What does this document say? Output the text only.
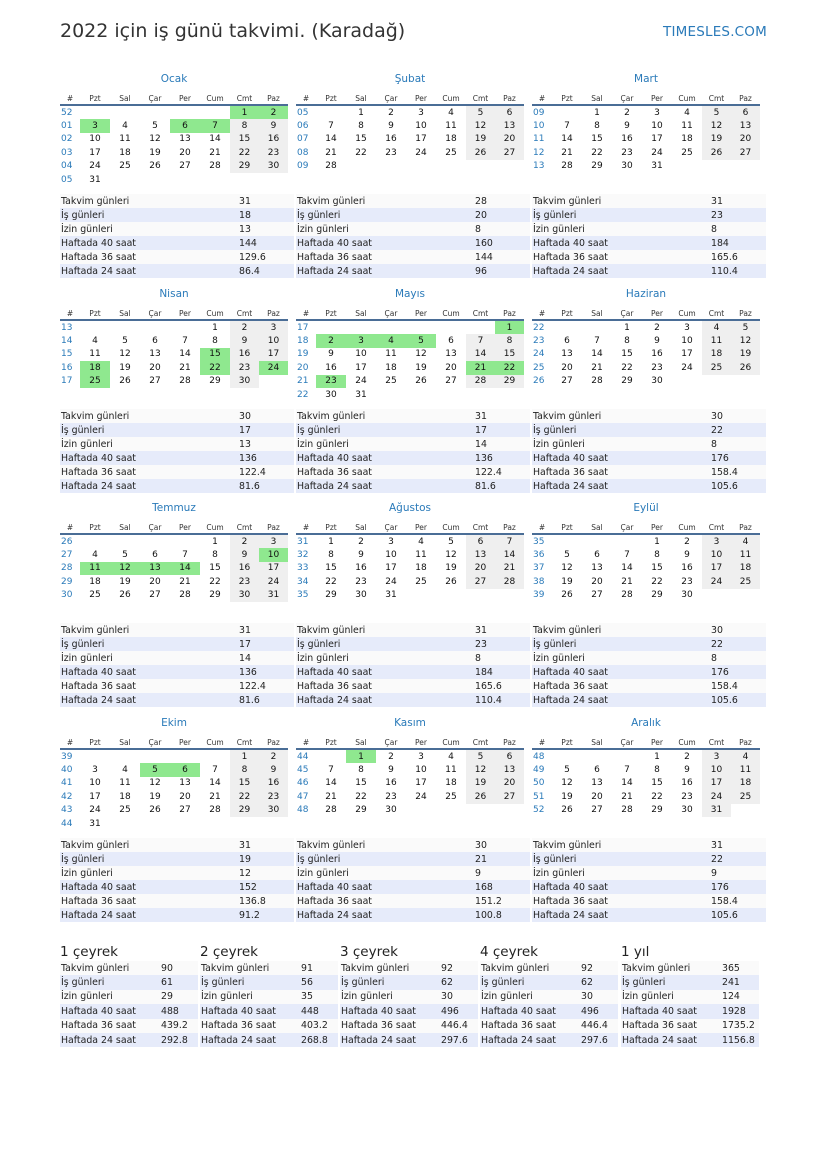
2022 için iş günü takvimi. (Karadağ)	TIMESLES.COM
Ocak
#	Pzt	Sal	Çar	Per	Cum	Cmt	Paz
52						1	2
01	3	4	5	6	7	8	9
02	10	11	12	13	14	15	16
03	17	18	19	20	21	22	23
04	24	25	26	27	28	29	30
05	31						
Takvim günleri	31
İş günleri	18
İzin günleri	13
Haftada 40 saat	144
Haftada 36 saat	129.6
Haftada 24 saat	86.4
Şubat
#	Pzt	Sal	Çar	Per	Cum	Cmt	Paz
05		1	2	3	4	5	6
06	7	8	9	10	11	12	13
07	14	15	16	17	18	19	20
08	21	22	23	24	25	26	27
09	28						
Takvim günleri	28
İş günleri	20
İzin günleri	8
Haftada 40 saat	160
Haftada 36 saat	144
Haftada 24 saat	96
Mart
#	Pzt	Sal	Çar	Per	Cum	Cmt	Paz
09		1	2	3	4	5	6
10	7	8	9	10	11	12	13
11	14	15	16	17	18	19	20
12	21	22	23	24	25	26	27
13	28	29	30	31			
Takvim günleri	31
İş günleri	23
İzin günleri	8
Haftada 40 saat	184
Haftada 36 saat	165.6
Haftada 24 saat	110.4
Nisan
#	Pzt	Sal	Çar	Per	Cum	Cmt	Paz
13					1	2	3
14	4	5	6	7	8	9	10
15	11	12	13	14	15	16	17
16	18	19	20	21	22	23	24
17	25	26	27	28	29	30	
Takvim günleri	30
İş günleri	17
İzin günleri	13
Haftada 40 saat	136
Haftada 36 saat	122.4
Haftada 24 saat	81.6
Mayıs
#	Pzt	Sal	Çar	Per	Cum	Cmt	Paz
17							1
18	2	3	4	5	6	7	8
19	9	10	11	12	13	14	15
20	16	17	18	19	20	21	22
21	23	24	25	26	27	28	29
22	30	31					
Takvim günleri	31
İş günleri	17
İzin günleri	14
Haftada 40 saat	136
Haftada 36 saat	122.4
Haftada 24 saat	81.6
Haziran
#	Pzt	Sal	Çar	Per	Cum	Cmt	Paz
22			1	2	3	4	5
23	6	7	8	9	10	11	12
24	13	14	15	16	17	18	19
25	20	21	22	23	24	25	26
26	27	28	29	30			
Takvim günleri	30
İş günleri	22
İzin günleri	8
Haftada 40 saat	176
Haftada 36 saat	158.4
Haftada 24 saat	105.6
Temmuz
#	Pzt	Sal	Çar	Per	Cum	Cmt	Paz
26					1	2	3
27	4	5	6	7	8	9	10
28	11	12	13	14	15	16	17
29	18	19	20	21	22	23	24
30	25	26	27	28	29	30	31
Takvim günleri	31
İş günleri	17
İzin günleri	14
Haftada 40 saat	136
Haftada 36 saat	122.4
Haftada 24 saat	81.6
Ağustos
#	Pzt	Sal	Çar	Per	Cum	Cmt	Paz
31	1	2	3	4	5	6	7
32	8	9	10	11	12	13	14
33	15	16	17	18	19	20	21
34	22	23	24	25	26	27	28
35	29	30	31				
Takvim günleri	31
İş günleri	23
İzin günleri	8
Haftada 40 saat	184
Haftada 36 saat	165.6
Haftada 24 saat	110.4
Eylül
#	Pzt	Sal	Çar	Per	Cum	Cmt	Paz
35				1	2	3	4
36	5	6	7	8	9	10	11
37	12	13	14	15	16	17	18
38	19	20	21	22	23	24	25
39	26	27	28	29	30		
Takvim günleri	30
İş günleri	22
İzin günleri	8
Haftada 40 saat	176
Haftada 36 saat	158.4
Haftada 24 saat	105.6
Ekim
#	Pzt	Sal	Çar	Per	Cum	Cmt	Paz
39						1	2
40	3	4	5	6	7	8	9
41	10	11	12	13	14	15	16
42	17	18	19	20	21	22	23
43	24	25	26	27	28	29	30
44	31						
Takvim günleri	31
İş günleri	19
İzin günleri	12
Haftada 40 saat	152
Haftada 36 saat	136.8
Haftada 24 saat	91.2
Kasım
#	Pzt	Sal	Çar	Per	Cum	Cmt	Paz
44		1	2	3	4	5	6
45	7	8	9	10	11	12	13
46	14	15	16	17	18	19	20
47	21	22	23	24	25	26	27
48	28	29	30				
Takvim günleri	30
İş günleri	21
İzin günleri	9
Haftada 40 saat	168
Haftada 36 saat	151.2
Haftada 24 saat	100.8
Aralık
#	Pzt	Sal	Çar	Per	Cum	Cmt	Paz
48				1	2	3	4
49	5	6	7	8	9	10	11
50	12	13	14	15	16	17	18
51	19	20	21	22	23	24	25
52	26	27	28	29	30	31	
Takvim günleri	31
İş günleri	22
İzin günleri	9
Haftada 40 saat	176
Haftada 36 saat	158.4
Haftada 24 saat	105.6
1 çeyrek
Takvim günleri	90
İş günleri	61
İzin günleri	29
Haftada 40 saat	488
Haftada 36 saat	439.2
Haftada 24 saat	292.8
2 çeyrek
Takvim günleri	91
İş günleri	56
İzin günleri	35
Haftada 40 saat	448
Haftada 36 saat	403.2
Haftada 24 saat	268.8
3 çeyrek
Takvim günleri	92
İş günleri	62
İzin günleri	30
Haftada 40 saat	496
Haftada 36 saat	446.4
Haftada 24 saat	297.6
4 çeyrek
Takvim günleri	92
İş günleri	62
İzin günleri	30
Haftada 40 saat	496
Haftada 36 saat	446.4
Haftada 24 saat	297.6
1 yıl
Takvim günleri	365
İş günleri	241
İzin günleri	124
Haftada 40 saat	1928
Haftada 36 saat	1735.2
Haftada 24 saat	1156.8
